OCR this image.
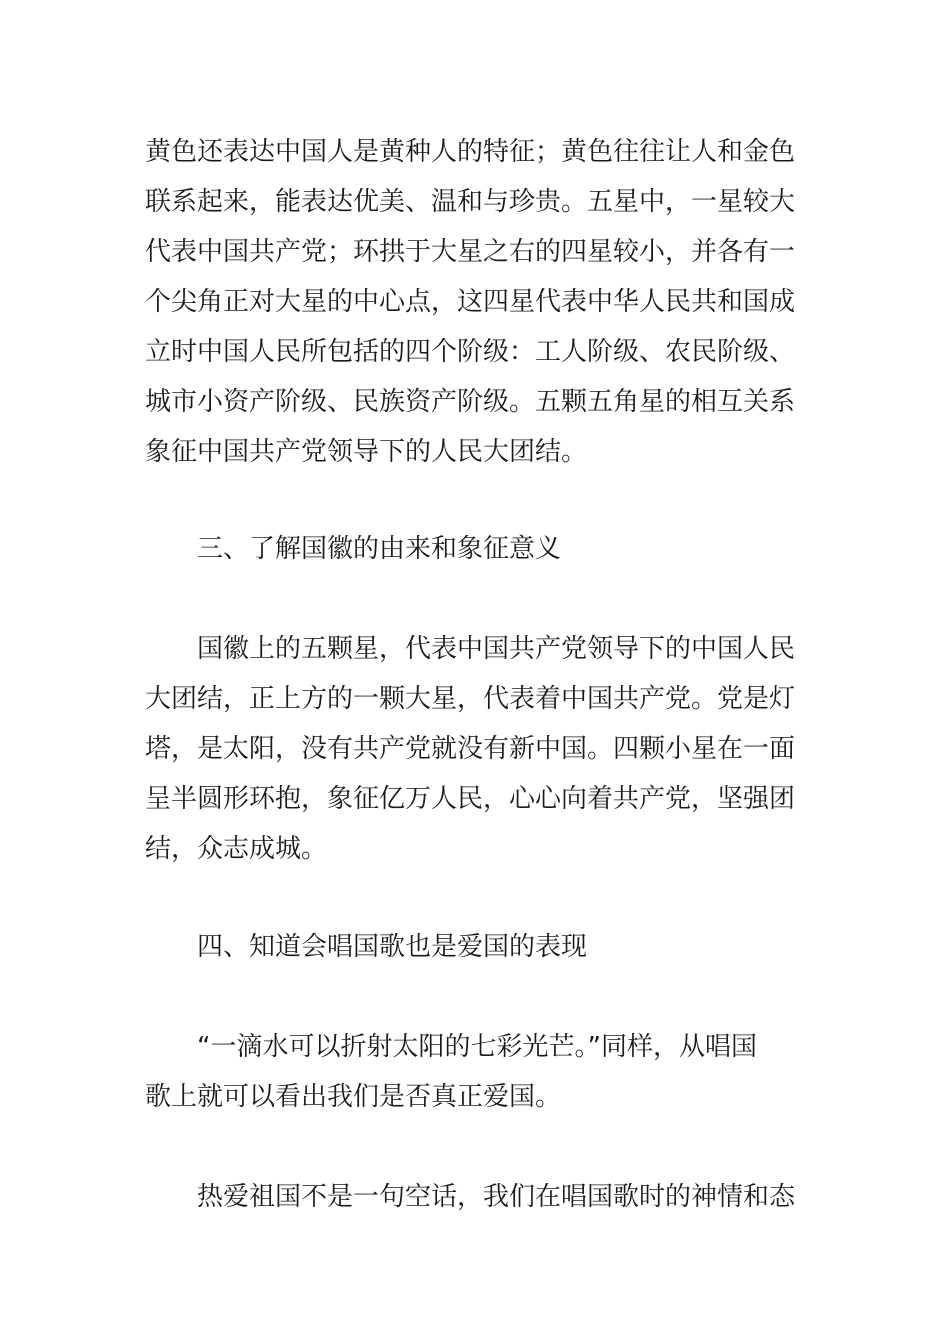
黄色还表达中国人是黄种人的特征；黄色往往让人和金色
联系起来，能表达优美、温和与珍贵。五星中，一星较大
代表中国共产党；环拱于大星之右的四星较小，并各有一
个尖角正对大星的中心点，这四星代表中华人民共和国成
立时中国人民所包括的四个阶级：工人阶级、农民阶级、
城市小资产阶级、民族资产阶级。五颗五角星的相互关系
象征中国共产党领导下的人民大团结。
三、了解国徽的由来和象征意义
国徽上的五颗星，代表中国共产党领导下的中国人民
大团结，正上方的一颗大星，代表着中国共产党。党是灯
塔，是太阳，没有共产党就没有新中国。四颗小星在一面
呈半圆形环抱，象征亿万人民，心心向着共产党，坚强团
结，众志成城。
四、知道会唱国歌也是爱国的表现
“一滴水可以折射太阳的七彩光芒。”同样，从唱国
歌上就可以看出我们是否真正爱国。
热爱祖国不是一句空话，我们在唱国歌时的神情和态
